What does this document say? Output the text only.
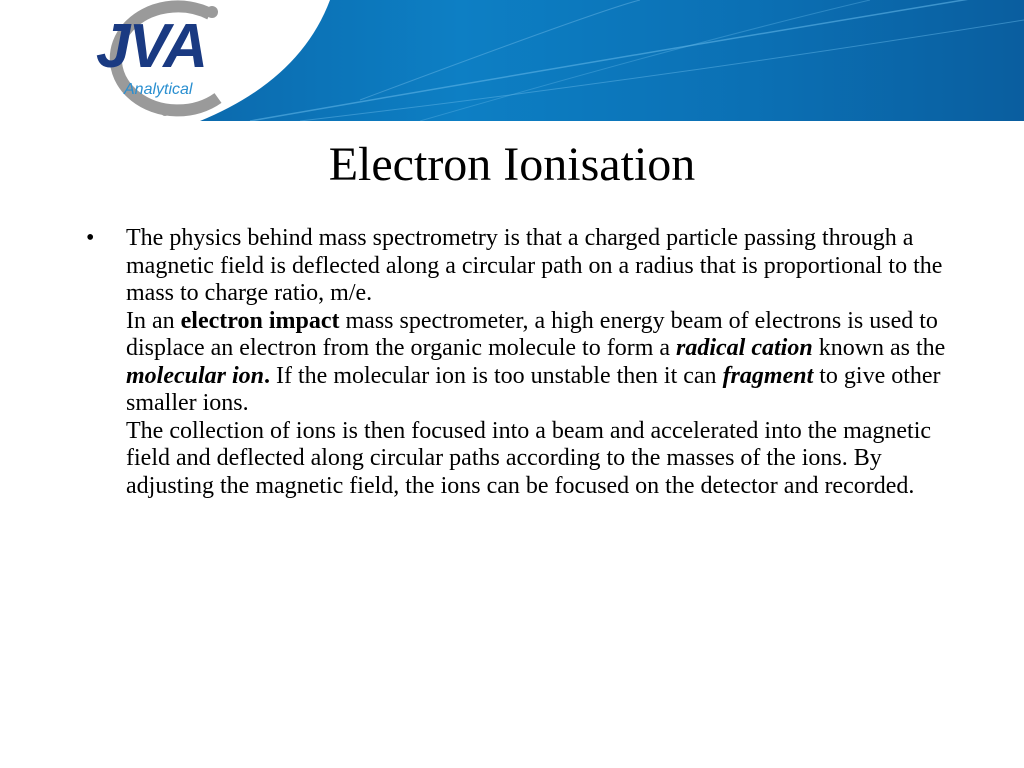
JVA
Analytical
Electron Ionisation
• The physics behind mass spectrometry is that a charged particle passing through a magnetic field is deflected along a circular path on a radius that is proportional to the mass to charge ratio, m/e.

In an electron impact mass spectrometer, a high energy beam of electrons is used to displace an electron from the organic molecule to form a radical cation known as the molecular ion. If the molecular ion is too unstable then it can fragment to give other smaller ions.

The collection of ions is then focused into a beam and accelerated into the magnetic field and deflected along circular paths according to the masses of the ions. By adjusting the magnetic field, the ions can be focused on the detector and recorded.
